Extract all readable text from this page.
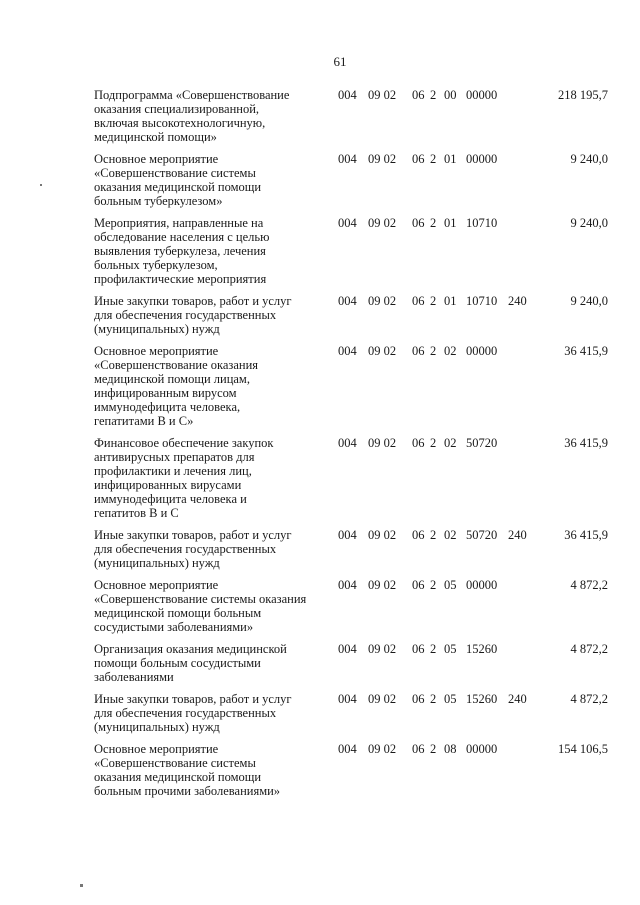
61
Подпрограмма «Совершенствование
оказания специализированной,
включая высокотехнологичную,
медицинской помощи»
004 09 02 06 2 00 00000	218 195,7
Основное мероприятие
«Совершенствование системы
оказания медицинской помощи
больным туберкулезом»
004 09 02 06 2 01 00000	9 240,0
Мероприятия, направленные на
обследование населения с целью
выявления туберкулеза, лечения
больных туберкулезом,
профилактические мероприятия
004 09 02 06 2 01 10710	9 240,0
Иные закупки товаров, работ и услуг
для обеспечения государственных
(муниципальных) нужд
004 09 02 06 2 01 10710 240	9 240,0
Основное мероприятие
«Совершенствование оказания
медицинской помощи лицам,
инфицированным вирусом
иммунодефицита человека,
гепатитами В и С»
004 09 02 06 2 02 00000	36 415,9
Финансовое обеспечение закупок
антивирусных препаратов для
профилактики и лечения лиц,
инфицированных вирусами
иммунодефицита человека и
гепатитов В и С
004 09 02 06 2 02 50720	36 415,9
Иные закупки товаров, работ и услуг
для обеспечения государственных
(муниципальных) нужд
004 09 02 06 2 02 50720 240	36 415,9
Основное мероприятие
«Совершенствование системы оказания
медицинской помощи больным
сосудистыми заболеваниями»
004 09 02 06 2 05 00000	4 872,2
Организация оказания медицинской
помощи больным сосудистыми
заболеваниями
004 09 02 06 2 05 15260	4 872,2
Иные закупки товаров, работ и услуг
для обеспечения государственных
(муниципальных) нужд
004 09 02 06 2 05 15260 240	4 872,2
Основное мероприятие
«Совершенствование системы
оказания медицинской помощи
больным прочими заболеваниями»
004 09 02 06 2 08 00000	154 106,5
